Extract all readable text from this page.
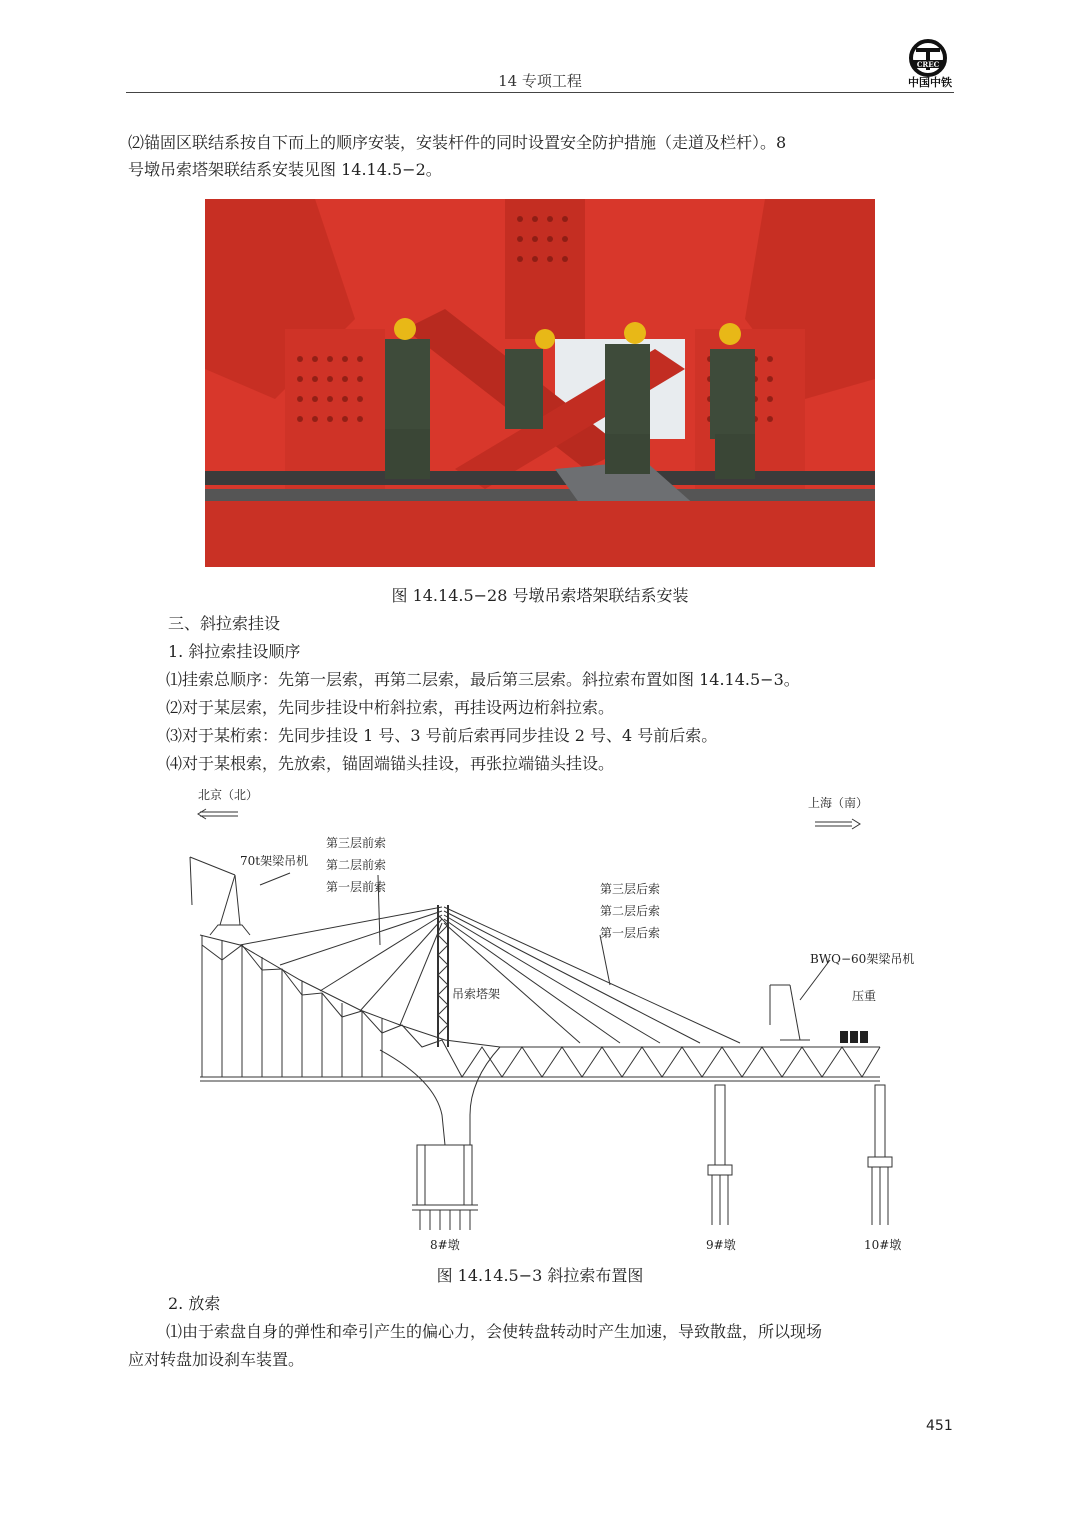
14 专项工程
CREC
中国中铁
⑵锚固区联结系按自下而上的顺序安装，安装杆件的同时设置安全防护措施（走道及栏杆）。8
号墩吊索塔架联结系安装见图 14.14.5−2。
图 14.14.5−28 号墩吊索塔架联结系安装
三、斜拉索挂设
1. 斜拉索挂设顺序
⑴挂索总顺序：先第一层索，再第二层索，最后第三层索。斜拉索布置如图 14.14.5−3。
⑵对于某层索，先同步挂设中桁斜拉索，再挂设两边桁斜拉索。
⑶对于某桁索：先同步挂设 1 号、3 号前后索再同步挂设 2 号、4 号前后索。
⑷对于某根索，先放索，锚固端锚头挂设，再张拉端锚头挂设。
北京（北）
上海（南）
70t架梁吊机
第三层前索
第二层前索
第一层前索	第三层后索
第二层后索
第一层后索
吊索塔架
BWQ−60架梁吊机
压重
8#墩	9#墩	10#墩
图 14.14.5−3 斜拉索布置图
2. 放索
⑴由于索盘自身的弹性和牵引产生的偏心力，会使转盘转动时产生加速，导致散盘，所以现场
应对转盘加设刹车装置。
451
